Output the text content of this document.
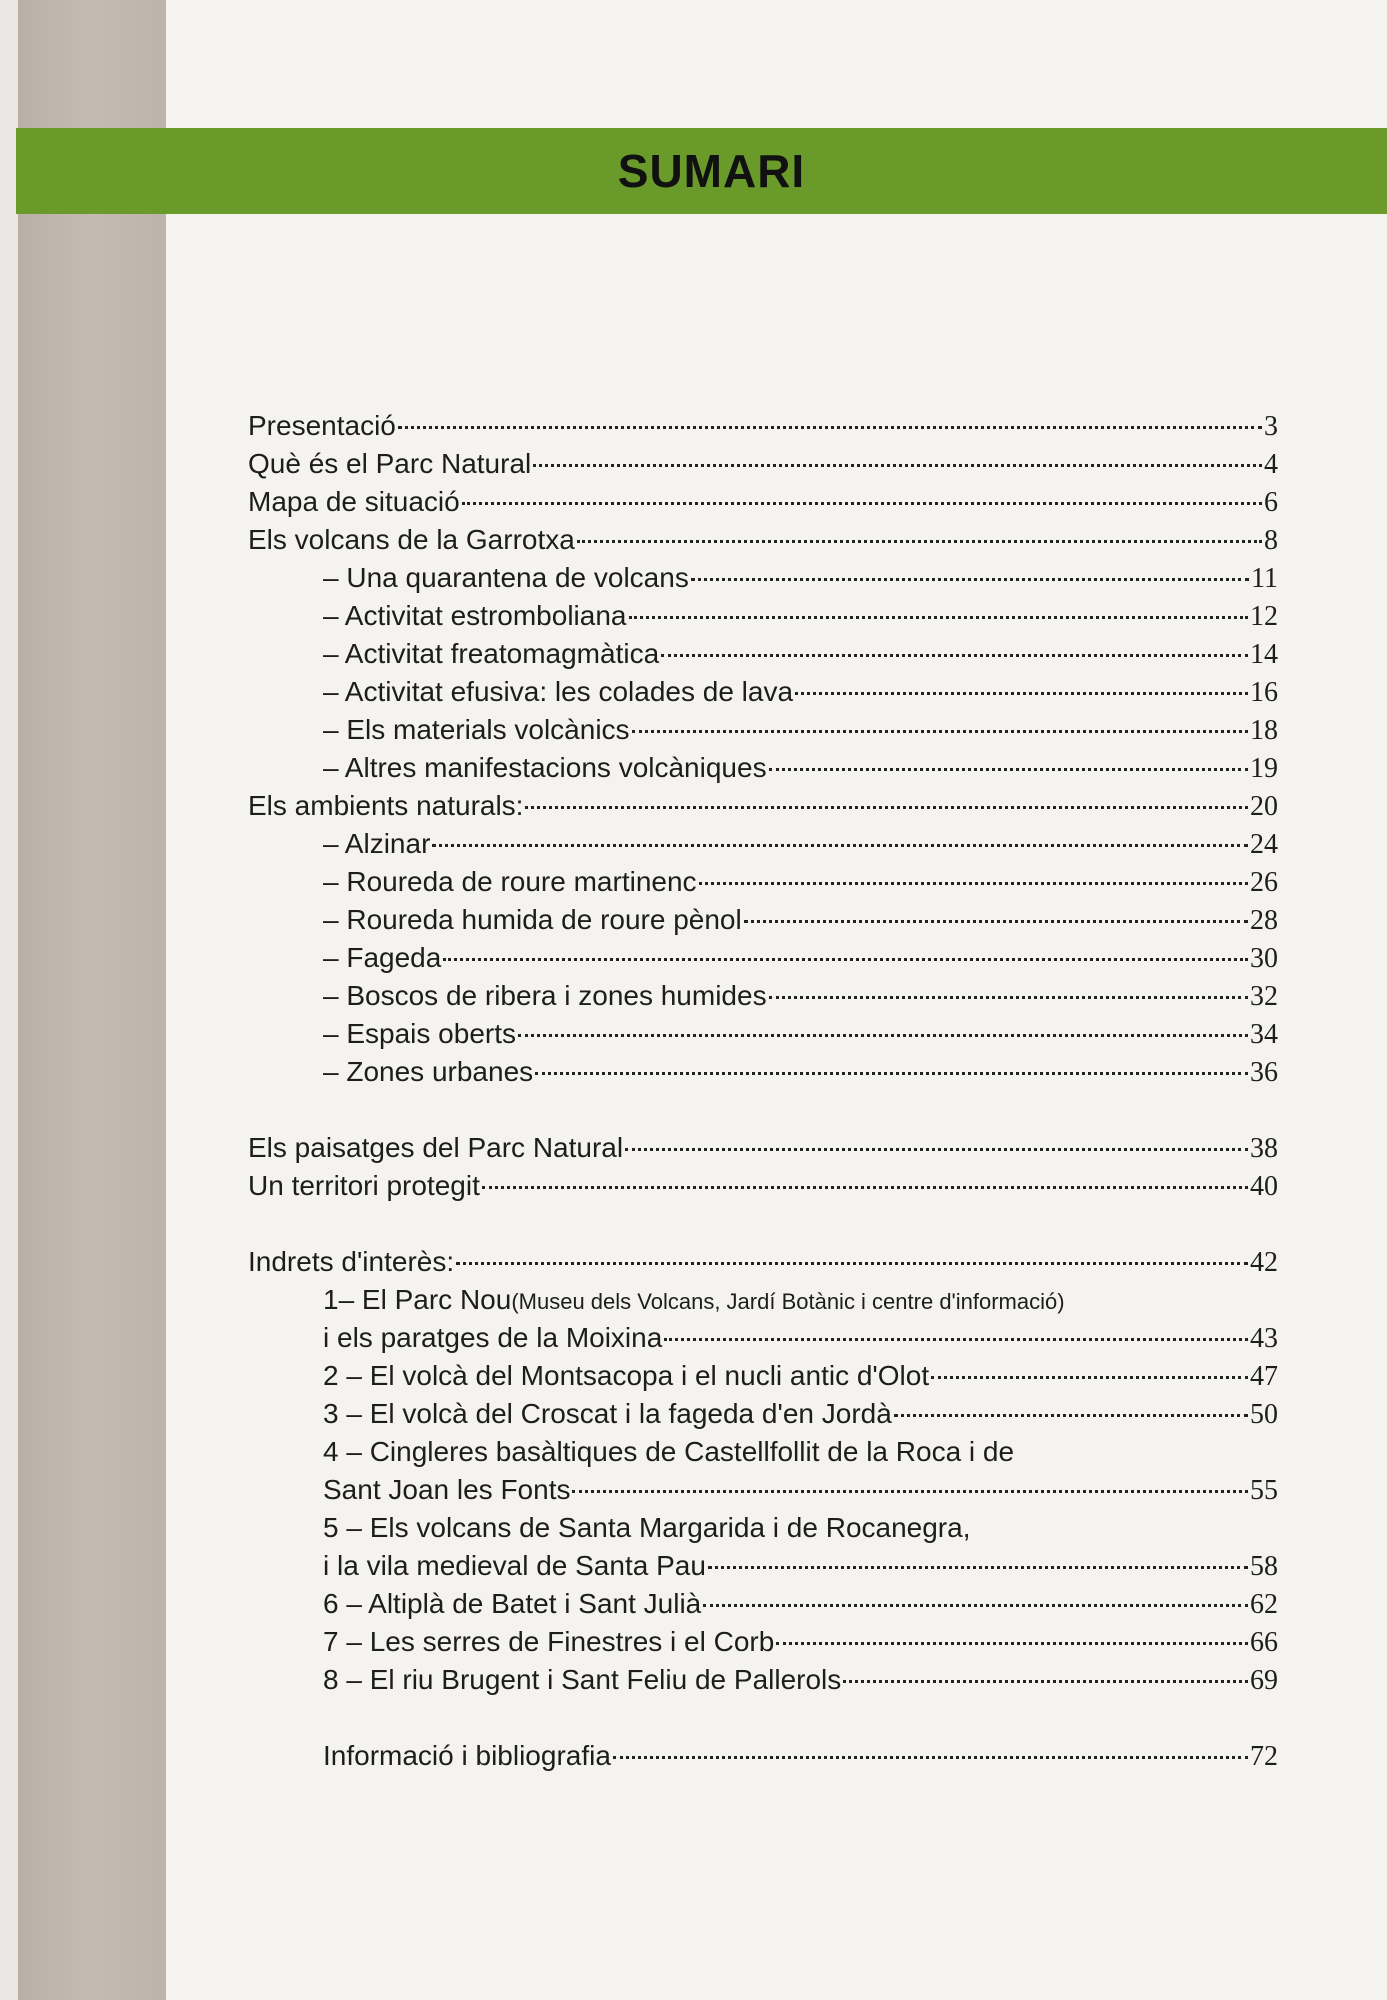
SUMARI
Presentació	3
Què és el Parc Natural	4
Mapa de situació	6
Els volcans de la Garrotxa	8
– Una quarantena de volcans	11
– Activitat estromboliana	12
– Activitat freatomagmàtica	14
– Activitat efusiva: les colades de lava	16
– Els materials volcànics	18
– Altres manifestacions volcàniques	19
Els ambients naturals:	20
– Alzinar	24
– Roureda de roure martinenc	26
– Roureda humida de roure pènol	28
– Fageda	30
– Boscos de ribera i zones humides	32
– Espais oberts	34
– Zones urbanes	36
Els paisatges del Parc Natural	38
Un territori protegit	40
Indrets d'interès:	42
1– El Parc Nou (Museu dels Volcans, Jardí Botànic i centre d'informació)
i els paratges de la Moixina	43
2 – El volcà del Montsacopa i el nucli antic d'Olot	47
3 – El volcà del Croscat i la fageda d'en Jordà	50
4 – Cingleres basàltiques de Castellfollit de la Roca i de
Sant Joan les Fonts	55
5 – Els volcans de Santa Margarida i de Rocanegra,
i la vila medieval de Santa Pau	58
6 – Altiplà de Batet i Sant Julià	62
7 – Les serres de Finestres i el Corb	66
8 – El riu Brugent i Sant Feliu de Pallerols	69
Informació i bibliografia	72
